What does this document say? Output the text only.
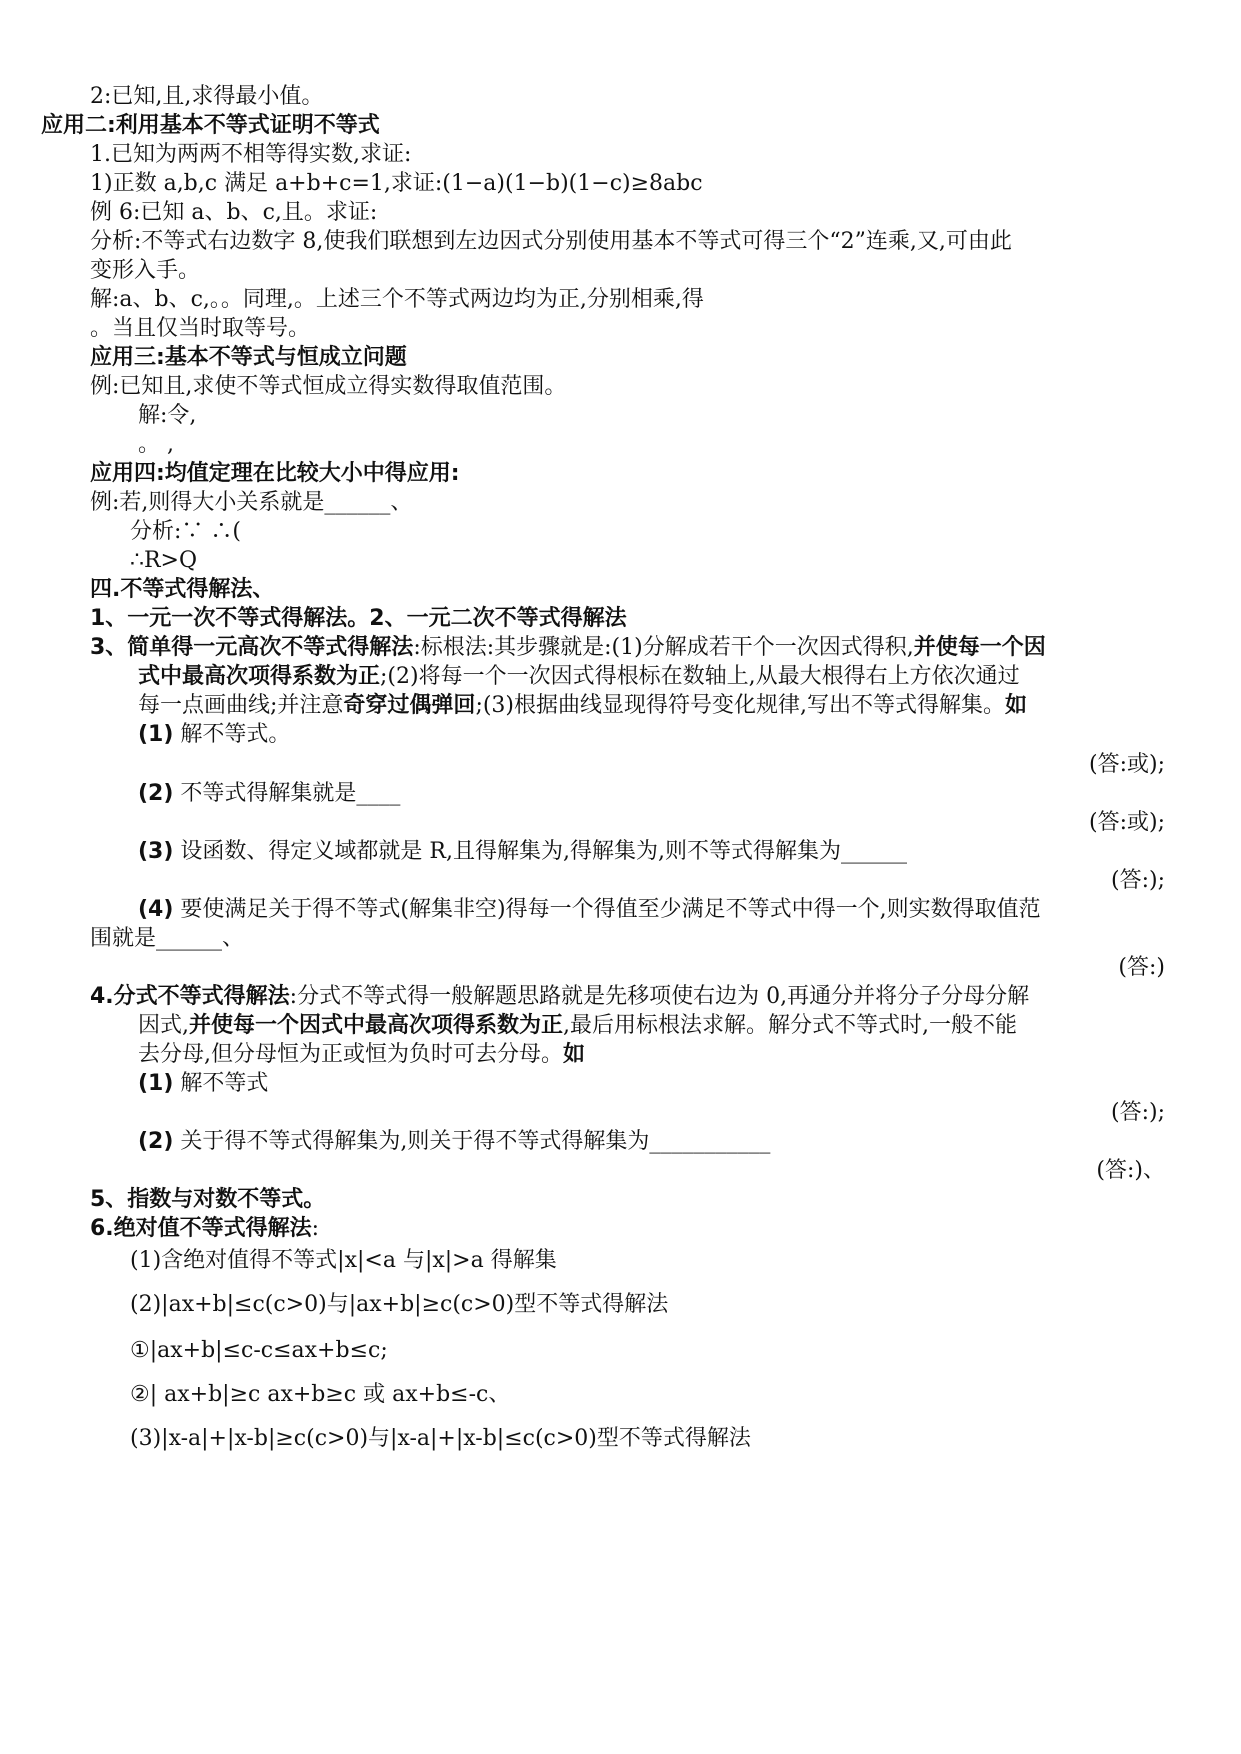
2:已知,且,求得最小值。

应用二:利用基本不等式证明不等式

1.已知为两两不相等得实数,求证:

1)正数 a,b,c 满足 a+b+c=1,求证:(1−a)(1−b)(1−c)≥8abc

例 6:已知 a、b、c,且。求证:

分析:不等式右边数字 8,使我们联想到左边因式分别使用基本不等式可得三个“2”连乘,又,可由此

变形入手。

解:a、b、c,。。同理,。上述三个不等式两边均为正,分别相乘,得

。当且仅当时取等号。

应用三:基本不等式与恒成立问题

例:已知且,求使不等式恒成立得实数得取值范围。

解:令,

。 ,

应用四:均值定理在比较大小中得应用:

例:若,则得大小关系就是______、

分析:∵ ∴(

∴R>Q

四.不等式得解法、

1、一元一次不等式得解法。2、一元二次不等式得解法

3、简单得一元高次不等式得解法:标根法:其步骤就是:(1)分解成若干个一次因式得积,并使每一个因

式中最高次项得系数为正;(2)将每一个一次因式得根标在数轴上,从最大根得右上方依次通过

每一点画曲线;并注意奇穿过偶弹回;(3)根据曲线显现得符号变化规律,写出不等式得解集。如

(1) 解不等式。

(答:或);

(2) 不等式得解集就是____

(答:或);

(3) 设函数、得定义域都就是 R,且得解集为,得解集为,则不等式得解集为______

(答:);

(4) 要使满足关于得不等式(解集非空)得每一个得值至少满足不等式中得一个,则实数得取值范

围就是______、

(答:)

4.分式不等式得解法:分式不等式得一般解题思路就是先移项使右边为 0,再通分并将分子分母分解

因式,并使每一个因式中最高次项得系数为正,最后用标根法求解。解分式不等式时,一般不能

去分母,但分母恒为正或恒为负时可去分母。如

(1) 解不等式

(答:);

(2) 关于得不等式得解集为,则关于得不等式得解集为___________

(答:)、

5、指数与对数不等式。

6.绝对值不等式得解法:

(1)含绝对值得不等式|x|<a 与|x|>a 得解集

(2)|ax+b|≤c(c>0)与|ax+b|≥c(c>0)型不等式得解法

①|ax+b|≤c-c≤ax+b≤c;

②| ax+b|≥c ax+b≥c 或 ax+b≤-c、

(3)|x-a|+|x-b|≥c(c>0)与|x-a|+|x-b|≤c(c>0)型不等式得解法
